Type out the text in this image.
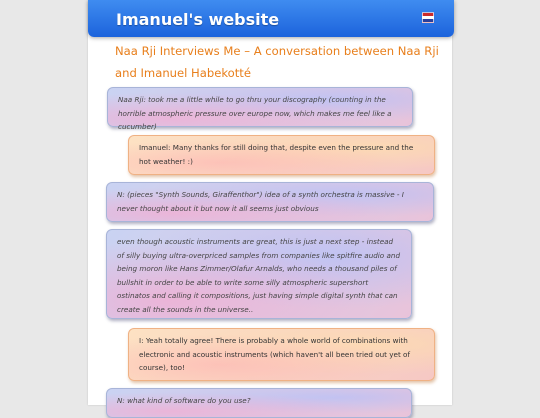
Imanuel's website
Naa Rji Interviews Me – A conversation between Naa Rji and Imanuel Habekotté
Naa Rji: took me a little while to go thru your discography (counting in the horrible atmospheric pressure over europe now, which makes me feel like a cucumber)
Imanuel: Many thanks for still doing that, despite even the pressure and the hot weather! :)
N: (pieces "Synth Sounds, Giraffenthor") idea of a synth orchestra is massive - I never thought about it but now it all seems just obvious
even though acoustic instruments are great, this is just a next step - instead of silly buying ultra-overpriced samples from companies like spitfire audio and being moron like Hans Zimmer/Olafur Arnalds, who needs a thousand piles of bullshit in order to be able to write some silly atmospheric supershort ostinatos and calling it compositions, just having simple digital synth that can create all the sounds in the universe..
I: Yeah totally agree! There is probably a whole world of combinations with electronic and acoustic instruments (which haven't all been tried out yet of course), too!
N: what kind of software do you use?
